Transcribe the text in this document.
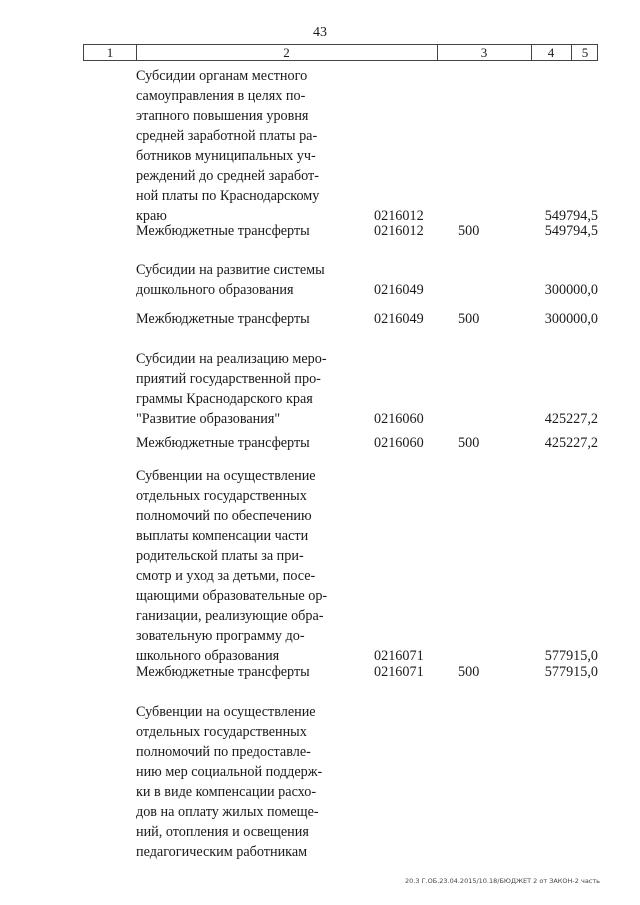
43
1	2	3	4	5
Субсидии органам местного
самоуправления в целях по-
этапного повышения уровня
средней заработной платы ра-
ботников муниципальных уч-
реждений до средней заработ-
ной платы по Краснодарскому
краю	0216012	549794,5
Межбюджетные трансферты	0216012 500	549794,5
Субсидии на развитие системы
дошкольного образования	0216049	300000,0
Межбюджетные трансферты	0216049 500	300000,0
Субсидии на реализацию меро-
приятий государственной про-
граммы Краснодарского края
"Развитие образования"	0216060	425227,2
Межбюджетные трансферты	0216060 500	425227,2
Субвенции на осуществление
отдельных государственных
полномочий по обеспечению
выплаты компенсации части
родительской платы за при-
смотр и уход за детьми, посе-
щающими образовательные ор-
ганизации, реализующие обра-
зовательную программу до-
школьного образования	0216071	577915,0
Межбюджетные трансферты	0216071 500	577915,0
Субвенции на осуществление
отдельных государственных
полномочий по предоставле-
нию мер социальной поддерж-
ки в виде компенсации расхо-
дов на оплату жилых помеще-
ний, отопления и освещения
педагогическим работникам
20.3 Г.ОБ.23.04.2015/10.18/БЮДЖЕТ 2 от ЗАКОН-2 часть
